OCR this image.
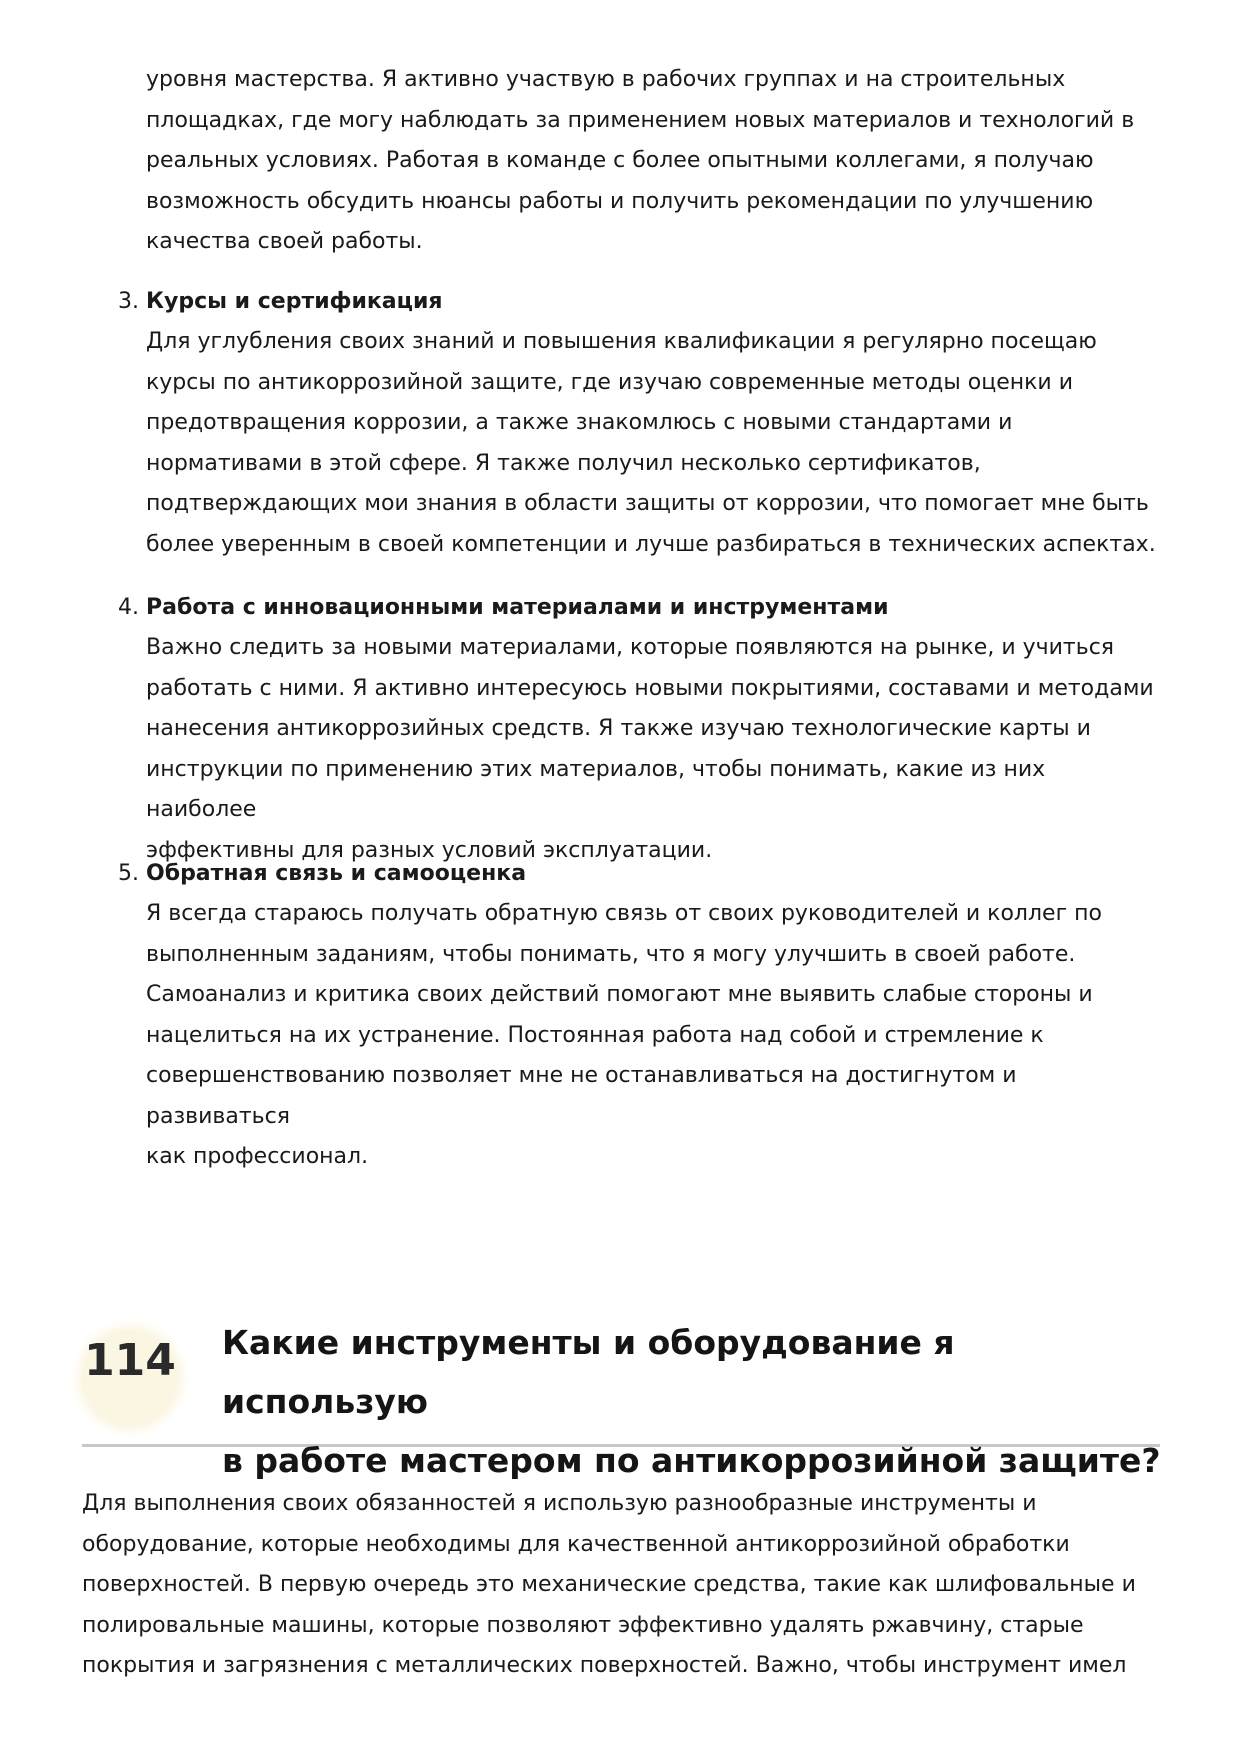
уровня мастерства. Я активно участвую в рабочих группах и на строительных
площадках, где могу наблюдать за применением новых материалов и технологий в
реальных условиях. Работая в команде с более опытными коллегами, я получаю
возможность обсудить нюансы работы и получить рекомендации по улучшению
качества своей работы.

3. Курсы и сертификация

Для углубления своих знаний и повышения квалификации я регулярно посещаю
курсы по антикоррозийной защите, где изучаю современные методы оценки и
предотвращения коррозии, а также знакомлюсь с новыми стандартами и
нормативами в этой сфере. Я также получил несколько сертификатов,
подтверждающих мои знания в области защиты от коррозии, что помогает мне быть
более уверенным в своей компетенции и лучше разбираться в технических аспектах.

4. Работа с инновационными материалами и инструментами

Важно следить за новыми материалами, которые появляются на рынке, и учиться
работать с ними. Я активно интересуюсь новыми покрытиями, составами и методами
нанесения антикоррозийных средств. Я также изучаю технологические карты и
инструкции по применению этих материалов, чтобы понимать, какие из них наиболее
эффективны для разных условий эксплуатации.

5. Обратная связь и самооценка

Я всегда стараюсь получать обратную связь от своих руководителей и коллег по
выполненным заданиям, чтобы понимать, что я могу улучшить в своей работе.
Самоанализ и критика своих действий помогают мне выявить слабые стороны и
нацелиться на их устранение. Постоянная работа над собой и стремление к
совершенствованию позволяет мне не останавливаться на достигнутом и развиваться
как профессионал.

114 Какие инструменты и оборудование я использую
в работе мастером по антикоррозийной защите?

Для выполнения своих обязанностей я использую разнообразные инструменты и
оборудование, которые необходимы для качественной антикоррозийной обработки
поверхностей. В первую очередь это механические средства, такие как шлифовальные и
полировальные машины, которые позволяют эффективно удалять ржавчину, старые
покрытия и загрязнения с металлических поверхностей. Важно, чтобы инструмент имел
